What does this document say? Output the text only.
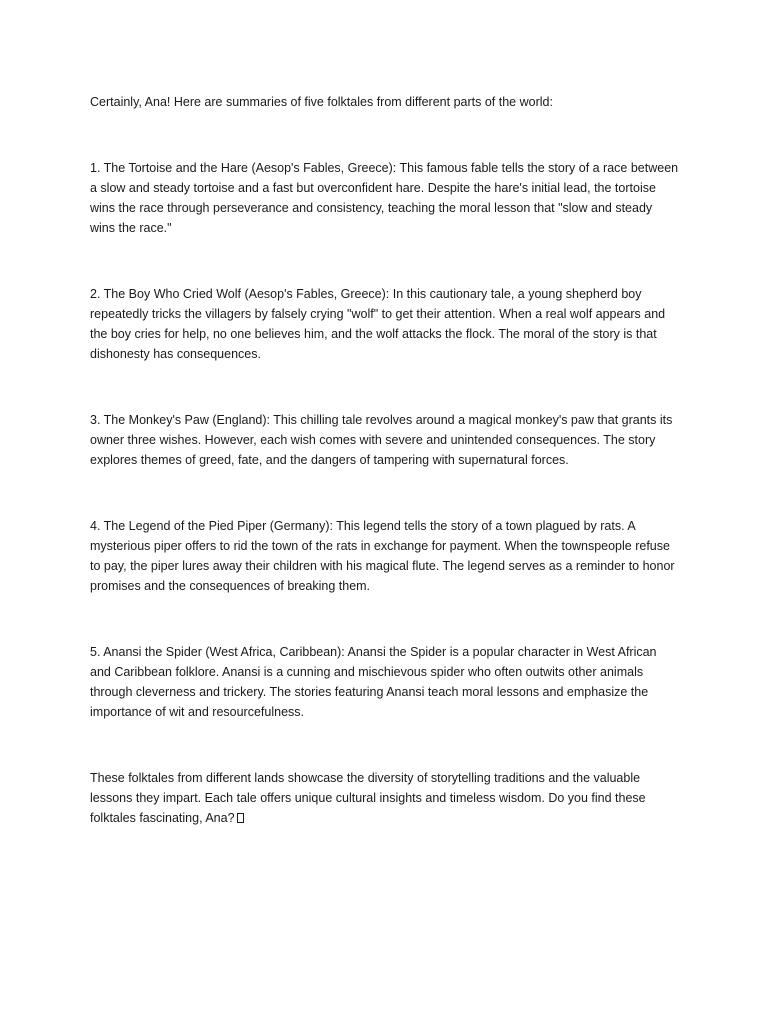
Certainly, Ana! Here are summaries of five folktales from different parts of the world:

1. The Tortoise and the Hare (Aesop's Fables, Greece): This famous fable tells the story of a race between a slow and steady tortoise and a fast but overconfident hare. Despite the hare's initial lead, the tortoise wins the race through perseverance and consistency, teaching the moral lesson that "slow and steady wins the race."

2. The Boy Who Cried Wolf (Aesop's Fables, Greece): In this cautionary tale, a young shepherd boy repeatedly tricks the villagers by falsely crying "wolf" to get their attention. When a real wolf appears and the boy cries for help, no one believes him, and the wolf attacks the flock. The moral of the story is that dishonesty has consequences.

3. The Monkey's Paw (England): This chilling tale revolves around a magical monkey's paw that grants its owner three wishes. However, each wish comes with severe and unintended consequences. The story explores themes of greed, fate, and the dangers of tampering with supernatural forces.

4. The Legend of the Pied Piper (Germany): This legend tells the story of a town plagued by rats. A mysterious piper offers to rid the town of the rats in exchange for payment. When the townspeople refuse to pay, the piper lures away their children with his magical flute. The legend serves as a reminder to honor promises and the consequences of breaking them.

5. Anansi the Spider (West Africa, Caribbean): Anansi the Spider is a popular character in West African and Caribbean folklore. Anansi is a cunning and mischievous spider who often outwits other animals through cleverness and trickery. The stories featuring Anansi teach moral lessons and emphasize the importance of wit and resourcefulness.

These folktales from different lands showcase the diversity of storytelling traditions and the valuable lessons they impart. Each tale offers unique cultural insights and timeless wisdom. Do you find these folktales fascinating, Ana?
